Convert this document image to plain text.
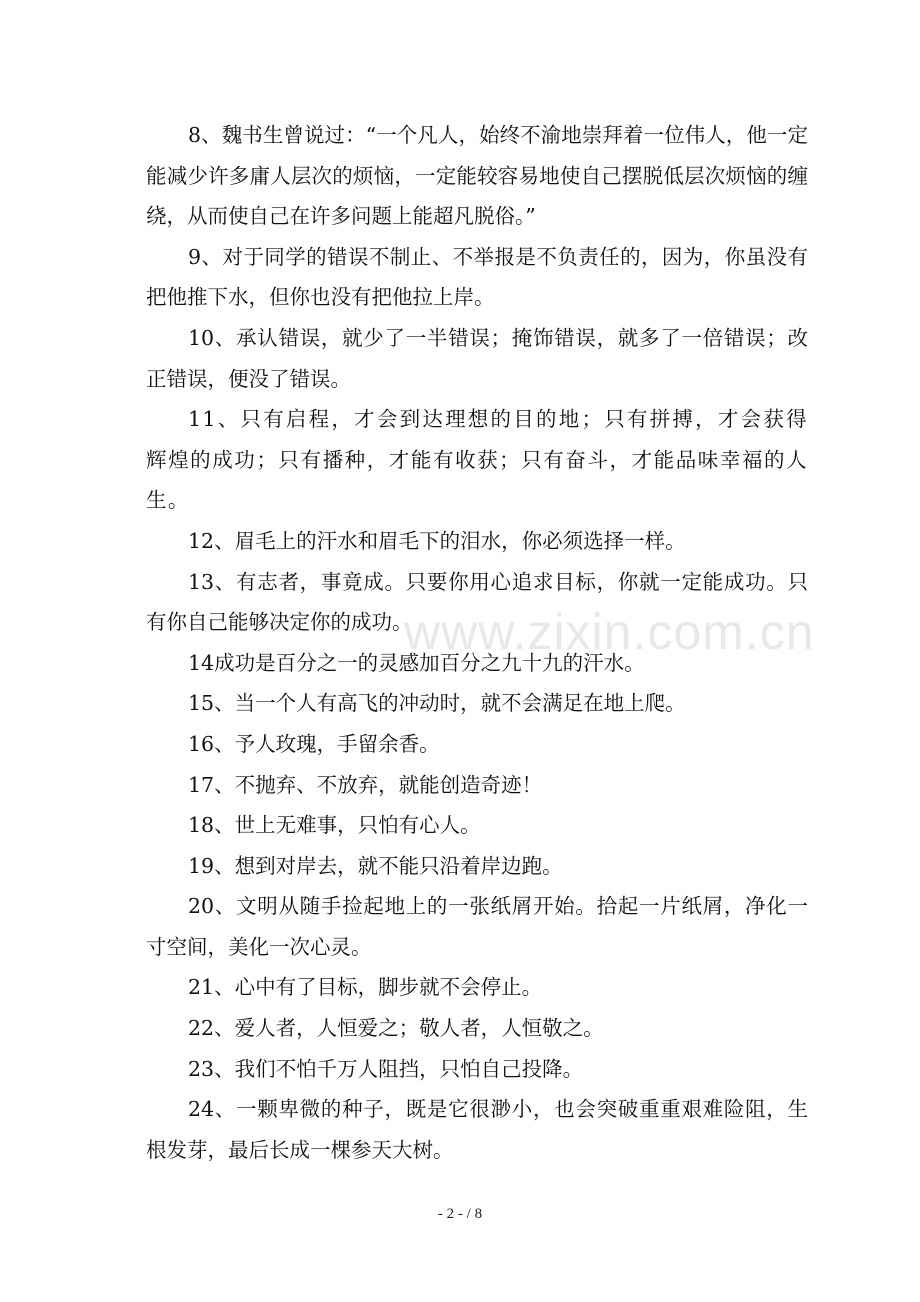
8、魏书生曾说过：“一个凡人，始终不渝地崇拜着一位伟人，他一定能减少许多庸人层次的烦恼，一定能较容易地使自己摆脱低层次烦恼的缠绕，从而使自己在许多问题上能超凡脱俗。”

9、对于同学的错误不制止、不举报是不负责任的，因为，你虽没有把他推下水，但你也没有把他拉上岸。

10、承认错误，就少了一半错误；掩饰错误，就多了一倍错误；改正错误，便没了错误。

11、只有启程，才会到达理想的目的地；只有拼搏，才会获得辉煌的成功；只有播种，才能有收获；只有奋斗，才能品味幸福的人生。

12、眉毛上的汗水和眉毛下的泪水，你必须选择一样。

13、有志者，事竟成。只要你用心追求目标，你就一定能成功。只有你自己能够决定你的成功。

14成功是百分之一的灵感加百分之九十九的汗水。

15、当一个人有高飞的冲动时，就不会满足在地上爬。

16、予人玫瑰，手留余香。

17、不抛弃、不放弃，就能创造奇迹！

18、世上无难事，只怕有心人。

19、想到对岸去，就不能只沿着岸边跑。

20、文明从随手捡起地上的一张纸屑开始。拾起一片纸屑，净化一寸空间，美化一次心灵。

21、心中有了目标，脚步就不会停止。

22、爱人者，人恒爱之；敬人者，人恒敬之。

23、我们不怕千万人阻挡，只怕自己投降。

24、一颗卑微的种子，既是它很渺小，也会突破重重艰难险阻，生根发芽，最后长成一棵参天大树。

www.zixin.com.cn
- 2 - / 8
